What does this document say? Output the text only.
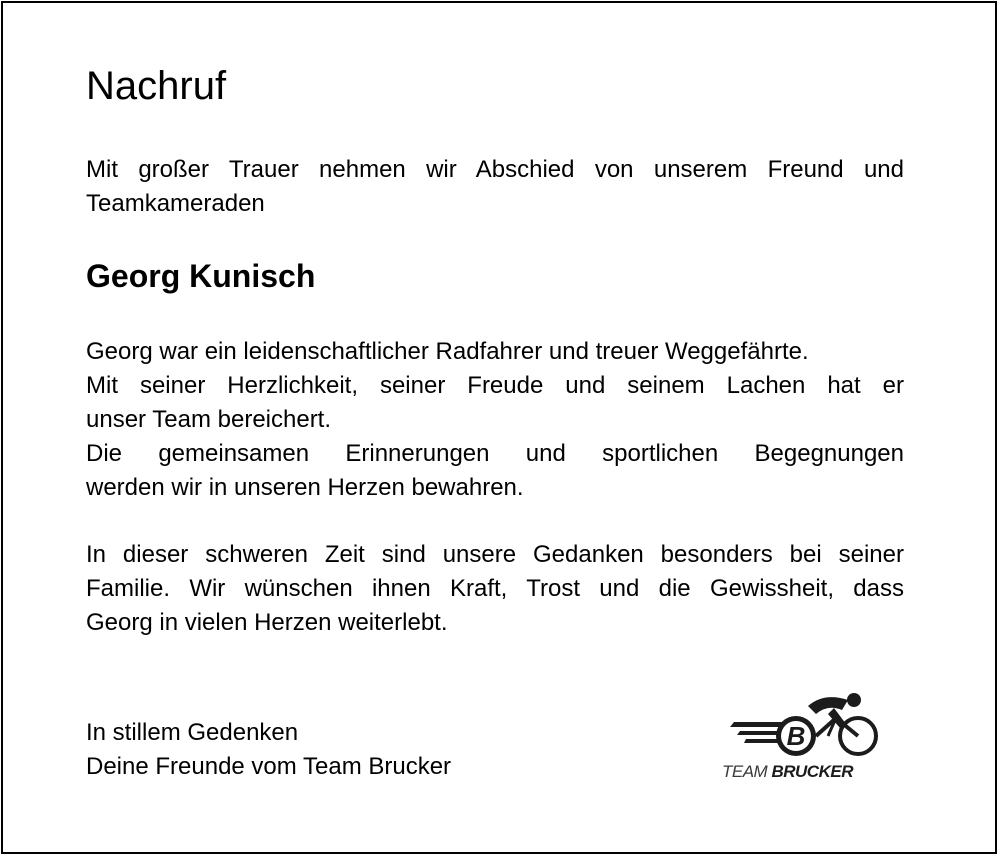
Nachruf

Mit großer Trauer nehmen wir Abschied von unserem Freund und
Teamkameraden

Georg Kunisch

Georg war ein leidenschaftlicher Radfahrer und treuer Weggefährte.
Mit seiner Herzlichkeit, seiner Freude und seinem Lachen hat er
unser Team bereichert.
Die gemeinsamen Erinnerungen und sportlichen Begegnungen
werden wir in unseren Herzen bewahren.

In dieser schweren Zeit sind unsere Gedanken besonders bei seiner
Familie. Wir wünschen ihnen Kraft, Trost und die Gewissheit, dass
Georg in vielen Herzen weiterlebt.

In stillem Gedenken
Deine Freunde vom Team Brucker

B
TEAM BRUCKER
